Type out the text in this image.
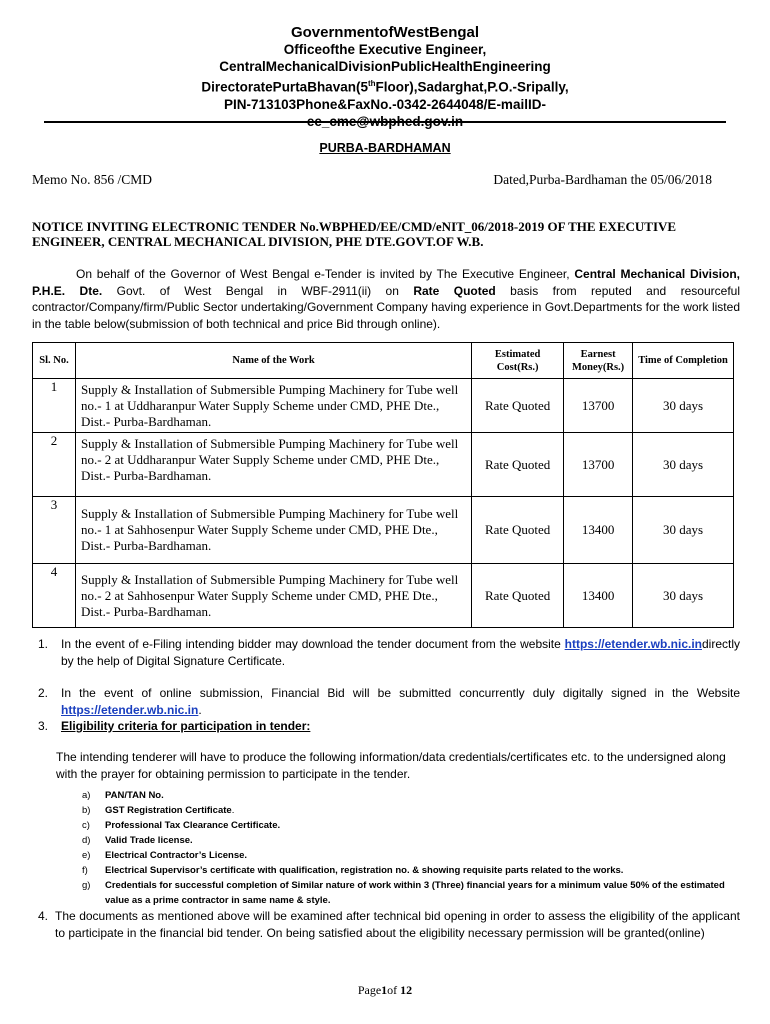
GovernmentofWestBengal
Officeofthe Executive Engineer,
CentralMechanicalDivisionPublicHealthEngineering
DirectoratePurtaBhavan(5thFloor),Sadarghat,P.O.-Sripally,
PIN-713103Phone&FaxNo.-0342-2644048/E-mailID-
PURBA-BARDHAMAN
Memo No. 856 /CMD	Dated,Purba-Bardhaman the 05/06/2018
NOTICE INVITING ELECTRONIC TENDER No.WBPHED/EE/CMD/eNIT_06/2018-2019 OF THE EXECUTIVE ENGINEER, CENTRAL MECHANICAL DIVISION, PHE DTE.GOVT.OF W.B.
On behalf of the Governor of West Bengal e-Tender is invited by The Executive Engineer, Central Mechanical Division, P.H.E. Dte. Govt. of West Bengal in WBF-2911(ii) on Rate Quoted basis from reputed and resourceful contractor/Company/firm/Public Sector undertaking/Government Company having experience in Govt.Departments for the work listed in the table below(submission of both technical and price Bid through online).
Sl. No.	Name of the Work	Estimated Cost(Rs.)	Earnest Money(Rs.)	Time of Completion
1	Supply & Installation of Submersible Pumping Machinery for Tube well no.- 1 at Uddharanpur Water Supply Scheme under CMD, PHE Dte., Dist.- Purba-Bardhaman.	Rate Quoted	13700	30 days
2	Supply & Installation of Submersible Pumping Machinery for Tube well no.- 2 at Uddharanpur Water Supply Scheme under CMD, PHE Dte., Dist.- Purba-Bardhaman.	Rate Quoted	13700	30 days
3	Supply & Installation of Submersible Pumping Machinery for Tube well no.- 1 at Sahhosenpur Water Supply Scheme under CMD, PHE Dte., Dist.- Purba-Bardhaman.	Rate Quoted	13400	30 days
4	Supply & Installation of Submersible Pumping Machinery for Tube well no.- 2 at Sahhosenpur Water Supply Scheme under CMD, PHE Dte., Dist.- Purba-Bardhaman.	Rate Quoted	13400	30 days
1. In the event of e-Filing intending bidder may download the tender document from the website https://etender.wb.nic.indirectly by the help of Digital Signature Certificate.
2. In the event of online submission, Financial Bid will be submitted concurrently duly digitally signed in the Website https://etender.wb.nic.in.
3. Eligibility criteria for participation in tender:
The intending tenderer will have to produce the following information/data credentials/certificates etc. to the undersigned along with the prayer for obtaining permission to participate in the tender.
a) PAN/TAN No.
b) GST Registration Certificate.
c) Professional Tax Clearance Certificate.
d) Valid Trade license.
e) Electrical Contractor’s License.
f) Electrical Supervisor’s certificate with qualification, registration no. & showing requisite parts related to the works.
g) Credentials for successful completion of Similar nature of work within 3 (Three) financial years for a minimum value 50% of the estimated value as a prime contractor in same name & style.
4. The documents as mentioned above will be examined after technical bid opening in order to assess the eligibility of the applicant to participate in the financial bid tender. On being satisfied about the eligibility necessary permission will be granted(online)
Page1of 12
